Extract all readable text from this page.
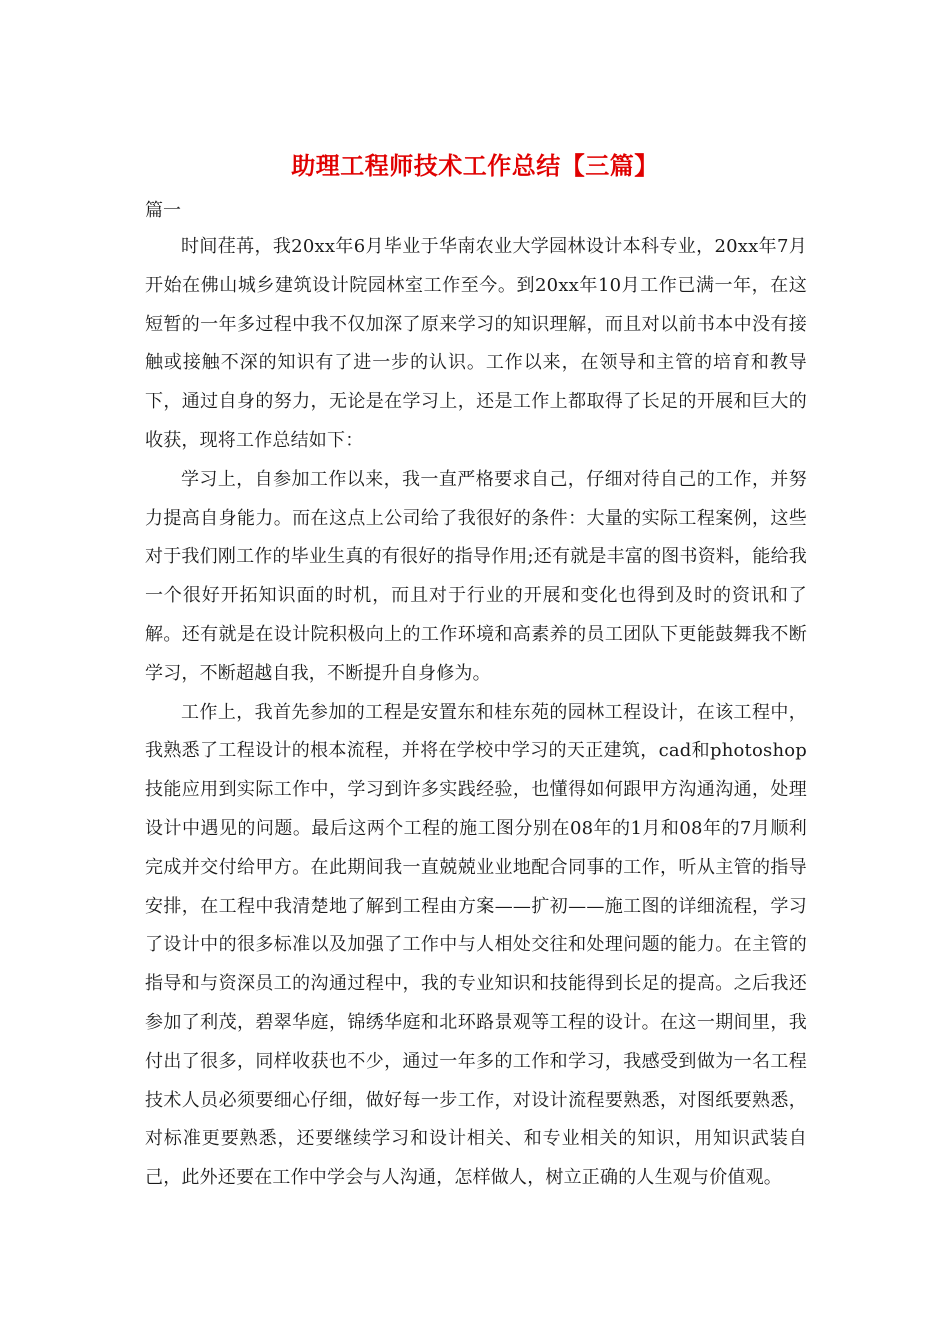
助理工程师技术工作总结【三篇】
篇一

时间荏苒，我20xx年6月毕业于华南农业大学园林设计本科专业，20xx年7月开始在佛山城乡建筑设计院园林室工作至今。到20xx年10月工作已满一年，在这短暂的一年多过程中我不仅加深了原来学习的知识理解，而且对以前书本中没有接触或接触不深的知识有了进一步的认识。工作以来，在领导和主管的培育和教导下，通过自身的努力，无论是在学习上，还是工作上都取得了长足的开展和巨大的收获，现将工作总结如下：

学习上，自参加工作以来，我一直严格要求自己，仔细对待自己的工作，并努力提高自身能力。而在这点上公司给了我很好的条件：大量的实际工程案例，这些对于我们刚工作的毕业生真的有很好的指导作用;还有就是丰富的图书资料，能给我一个很好开拓知识面的时机，而且对于行业的开展和变化也得到及时的资讯和了解。还有就是在设计院积极向上的工作环境和高素养的员工团队下更能鼓舞我不断学习，不断超越自我，不断提升自身修为。

工作上，我首先参加的工程是安置东和桂东苑的园林工程设计，在该工程中，我熟悉了工程设计的根本流程，并将在学校中学习的天正建筑，cad和photoshop技能应用到实际工作中，学习到许多实践经验，也懂得如何跟甲方沟通沟通，处理设计中遇见的问题。最后这两个工程的施工图分别在08年的1月和08年的7月顺利完成并交付给甲方。在此期间我一直兢兢业业地配合同事的工作，听从主管的指导安排，在工程中我清楚地了解到工程由方案——扩初——施工图的详细流程，学习了设计中的很多标准以及加强了工作中与人相处交往和处理问题的能力。在主管的指导和与资深员工的沟通过程中，我的专业知识和技能得到长足的提高。之后我还参加了利茂，碧翠华庭，锦绣华庭和北环路景观等工程的设计。在这一期间里，我付出了很多，同样收获也不少，通过一年多的工作和学习，我感受到做为一名工程技术人员必须要细心仔细，做好每一步工作，对设计流程要熟悉，对图纸要熟悉，对标准更要熟悉，还要继续学习和设计相关、和专业相关的知识，用知识武装自己，此外还要在工作中学会与人沟通，怎样做人，树立正确的人生观与价值观。
